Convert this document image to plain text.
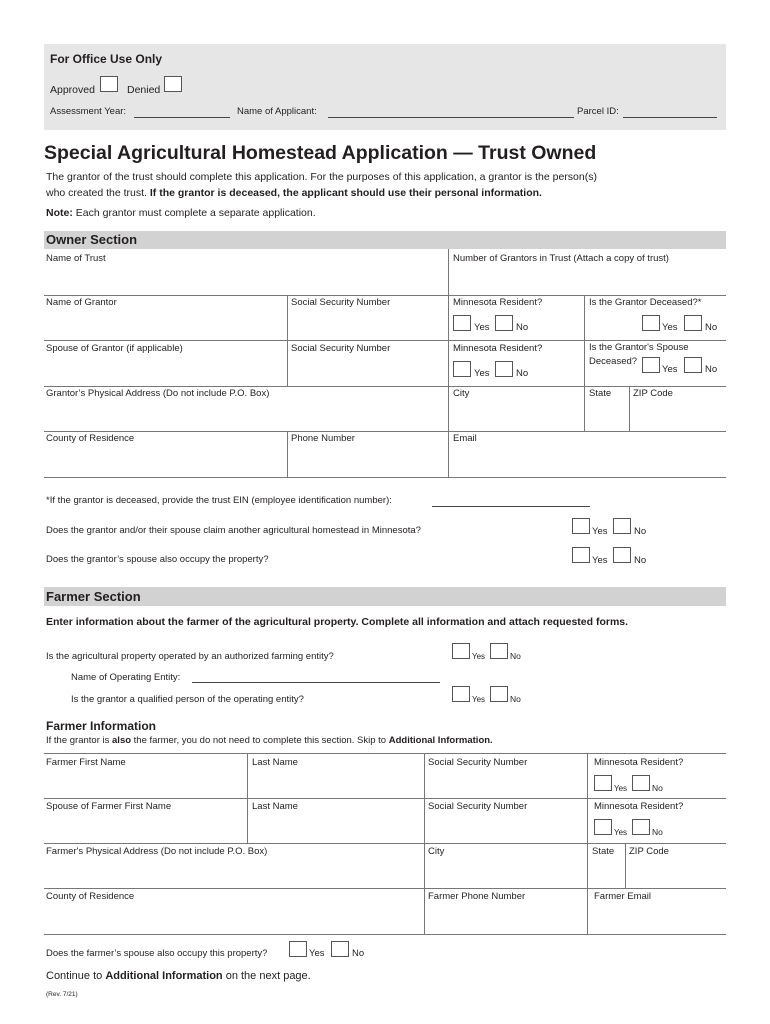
For Office Use Only
Approved	Denied
Assessment Year:	Name of Applicant:	Parcel ID:
Special Agricultural Homestead Application — Trust Owned
The grantor of the trust should complete this application. For the purposes of this application, a grantor is the person(s)
who created the trust. If the grantor is deceased, the applicant should use their personal information.
Note: Each grantor must complete a separate application.
Owner Section
Name of Trust	Number of Grantors in Trust (Attach a copy of trust)
Name of Grantor	Social Security Number	Minnesota Resident?	Is the Grantor Deceased?*
Yes	No	Yes	No
Spouse of Grantor (if applicable)	Social Security Number	Minnesota Resident?	Is the Grantor's Spouse
Deceased?
Yes	No	Yes	No
Grantor’s Physical Address (Do not include P.O. Box)	City	State ZIP Code
County of Residence	Phone Number	Email
*If the grantor is deceased, provide the trust EIN (employee identification number):
Does the grantor and/or their spouse claim another agricultural homestead in Minnesota?	Yes	No
Does the grantor’s spouse also occupy the property?	Yes	No
Farmer Section
Enter information about the farmer of the agricultural property. Complete all information and attach requested forms.
Is the agricultural property operated by an authorized farming entity?	Yes	No
Name of Operating Entity:
Is the grantor a qualified person of the operating entity?	Yes	No
Farmer Information
If the grantor is also the farmer, you do not need to complete this section. Skip to Additional Information.
Farmer First Name	Last Name	Social Security Number	Minnesota Resident?
Yes	No
Spouse of Farmer First Name	Last Name	Social Security Number	Minnesota Resident?
Yes	No
Farmer's Physical Address (Do not include P.O. Box)	City	State ZIP Code
County of Residence	Farmer Phone Number	Farmer Email
Does the farmer’s spouse also occupy this property?	Yes	No
Continue to Additional Information on the next page.
(Rev. 7/21)
